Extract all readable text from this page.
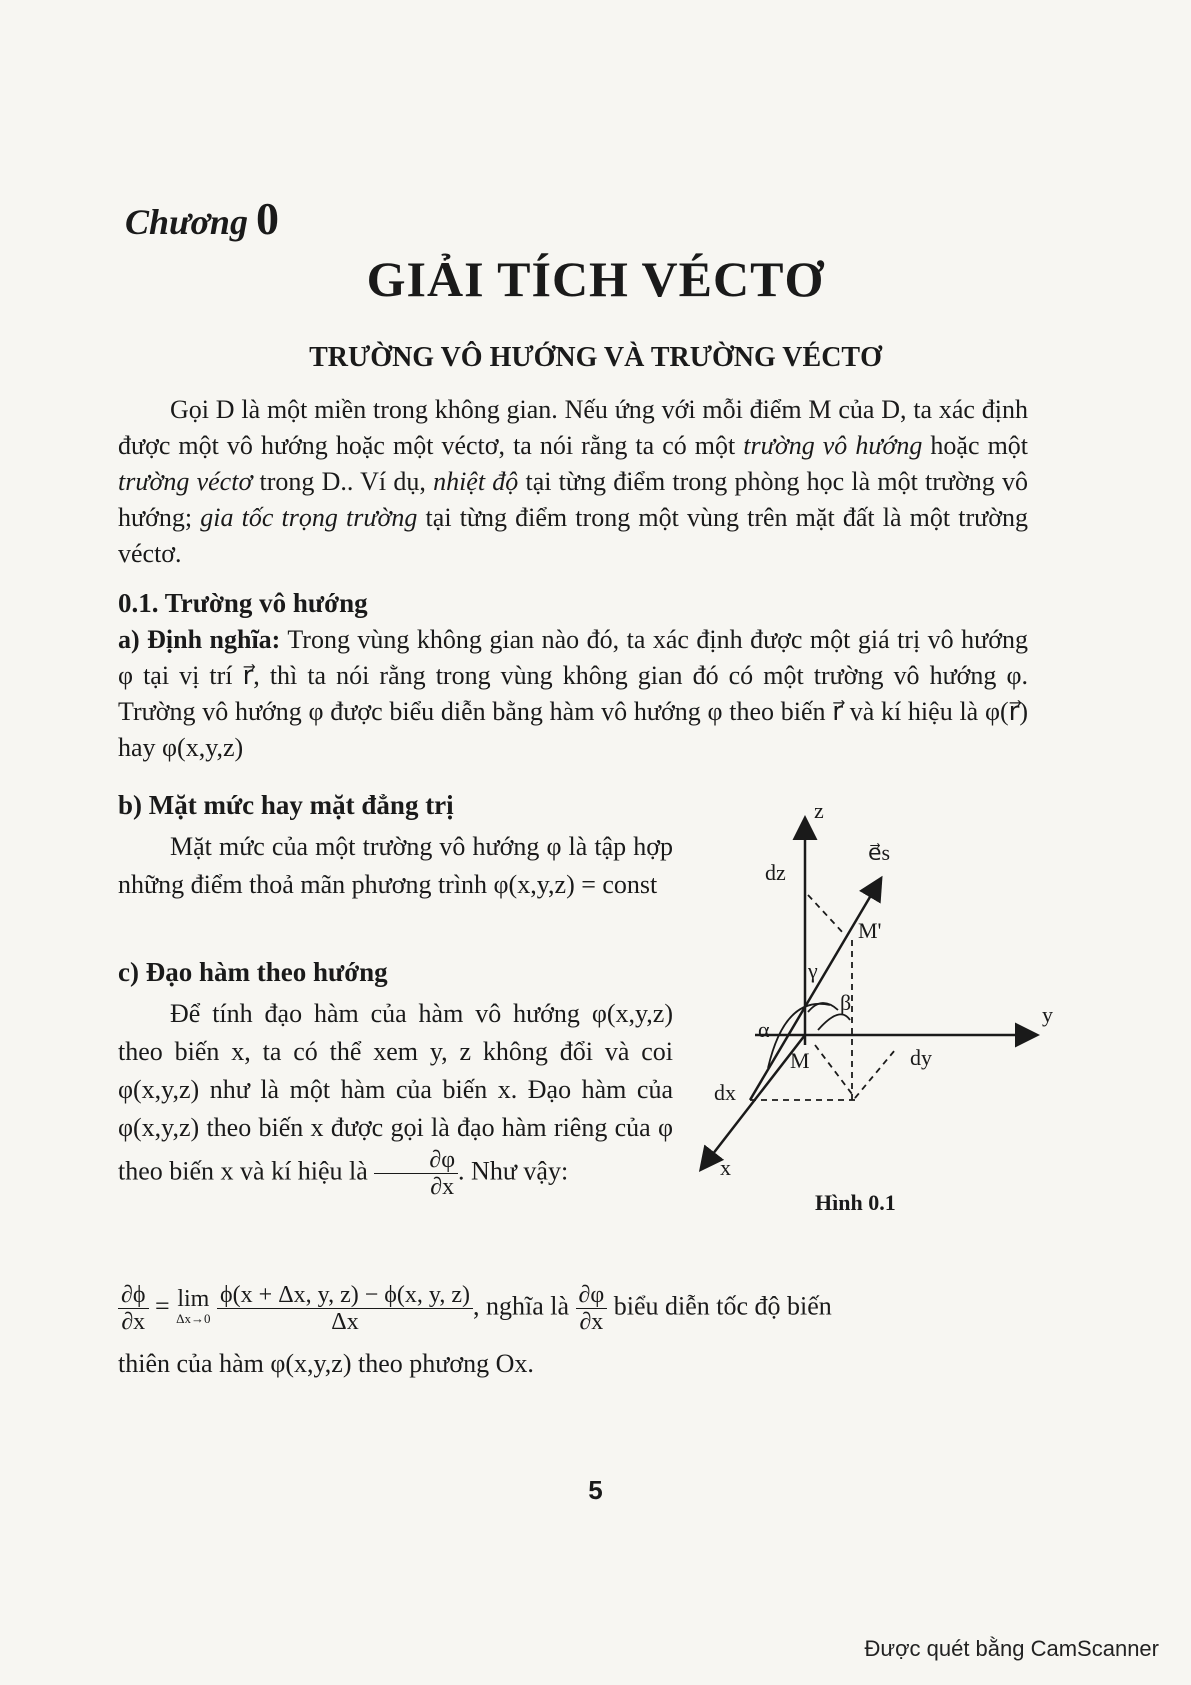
Chương 0
GIẢI TÍCH VÉCTƠ
TRƯỜNG VÔ HƯỚNG VÀ TRƯỜNG VÉCTƠ

Gọi D là một miền trong không gian. Nếu ứng với mỗi điểm M của D, ta xác định được một vô hướng hoặc một véctơ, ta nói rằng ta có một trường vô hướng hoặc một trường véctơ trong D.. Ví dụ, nhiệt độ tại từng điểm trong phòng học là một trường vô hướng; gia tốc trọng trường tại từng điểm trong một vùng trên mặt đất là một trường véctơ.

0.1. Trường vô hướng

a) Định nghĩa: Trong vùng không gian nào đó, ta xác định được một giá trị vô hướng φ tại vị trí r⃗, thì ta nói rằng trong vùng không gian đó có một trường vô hướng φ. Trường vô hướng φ được biểu diễn bằng hàm vô hướng φ theo biến r⃗ và kí hiệu là φ(r⃗) hay φ(x,y,z)

b) Mặt mức hay mặt đẳng trị

Mặt mức của một trường vô hướng φ là tập hợp những điểm thoả mãn phương trình φ(x,y,z) = const

c) Đạo hàm theo hướng

Để tính đạo hàm của hàm vô hướng φ(x,y,z) theo biến x, ta có thể xem y, z không đổi và coi φ(x,y,z) như là một hàm của biến x. Đạo hàm của φ(x,y,z) theo biến x được gọi là đạo hàm riêng của φ theo biến x và kí hiệu là $\frac{\partial\varphi}{\partial x}$ . Như vậy:

$\frac{\partial\phi}{\partial x} = \lim$
Δx→0
$\frac{\phi(x + \Delta x, y, z) - \phi(x, y, z)}{\Delta x}$ , nghĩa là $\frac{\partial\varphi}{\partial x}$ biểu diễn tốc độ biến
thiên của hàm φ(x,y,z) theo phương Ox.
z
y
x
dz
dy
dx
M
M'
e⃗s
α
β
γ
Hình 0.1
5
Được quét bằng CamScanner
